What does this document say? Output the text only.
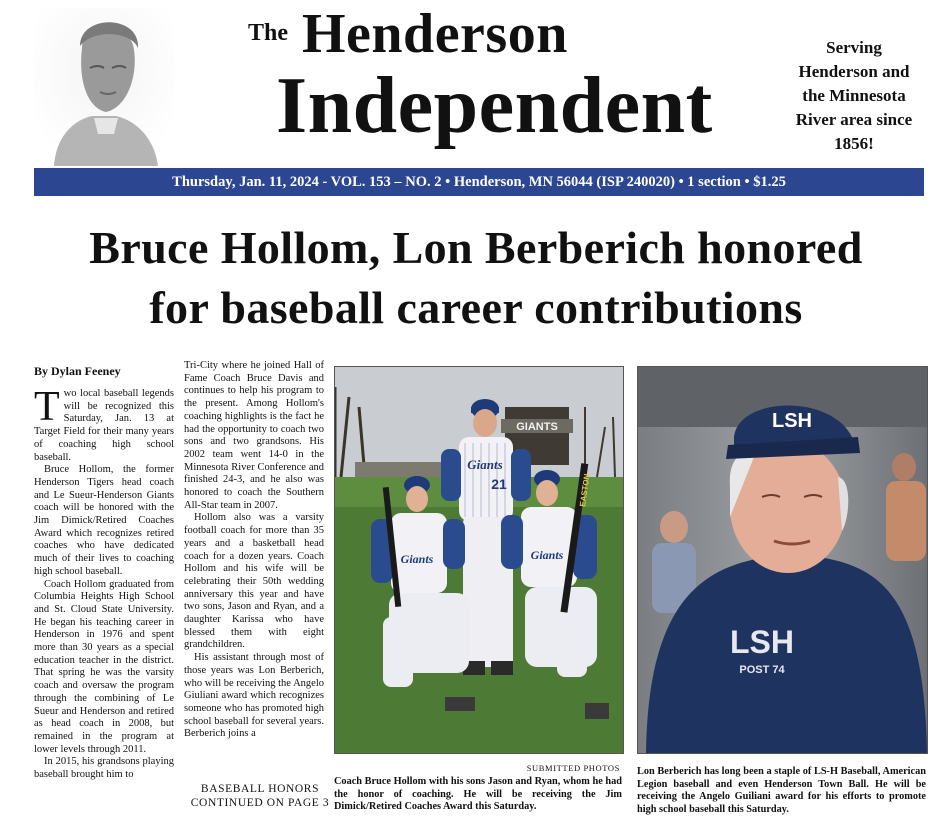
The Henderson
Independent
Serving
Henderson and
the Minnesota
River area since
1856!
Thursday, Jan. 11, 2024 - VOL. 153 – NO. 2 • Henderson, MN 56044 (ISP 240020) • 1 section • $1.25
Bruce Hollom, Lon Berberich honored
for baseball career contributions
By Dylan Feeney

Two local baseball legends will be recognized this Saturday, Jan. 13 at Target Field for their many years of coaching high school baseball.

Bruce Hollom, the former Henderson Tigers head coach and Le Sueur-Henderson Giants coach will be honored with the Jim Dimick/Retired Coaches Award which recognizes retired coaches who have dedicated much of their lives to coaching high school baseball.

Coach Hollom graduated from Columbia Heights High School and St. Cloud State University. He began his teaching career in Henderson in 1976 and spent more than 30 years as a special education teacher in the district. That spring he was the varsity coach and oversaw the program through the combining of Le Sueur and Henderson and retired as head coach in 2008, but remained in the program at lower levels through 2011.

In 2015, his grandsons playing baseball brought him to

Tri-City where he joined Hall of Fame Coach Bruce Davis and continues to help his program to the present. Among Hollom's coaching highlights is the fact he had the opportunity to coach two sons and two grandsons. His 2002 team went 14-0 in the Minnesota River Conference and finished 24-3, and he also was honored to coach the Southern All-Star team in 2007.

Hollom also was a varsity football coach for more than 35 years and a basketball head coach for a dozen years. Coach Hollom and his wife will be celebrating their 50th wedding anniversary this year and have two sons, Jason and Ryan, and a daughter Karissa who have blessed them with eight grandchildren.

His assistant through most of those years was Lon Berberich, who will be receiving the Angelo Giuliani award which recognizes someone who has promoted high school baseball for several years. Berberich joins a

BASEBALL HONORS
CONTINUED ON PAGE 3
GIANTS
Giants
21
Giants	Giants
EASTON
LSH
LSH
POST 74
SUBMITTED PHOTOS
Coach Bruce Hollom with his sons Jason and Ryan, whom he had the honor of coaching. He will be receiving the Jim Dimick/Retired Coaches Award this Saturday.
Lon Berberich has long been a staple of LS-H Baseball, American Legion baseball and even Henderson Town Ball. He will be receiving the Angelo Guiliani award for his efforts to promote high school baseball this Saturday.
